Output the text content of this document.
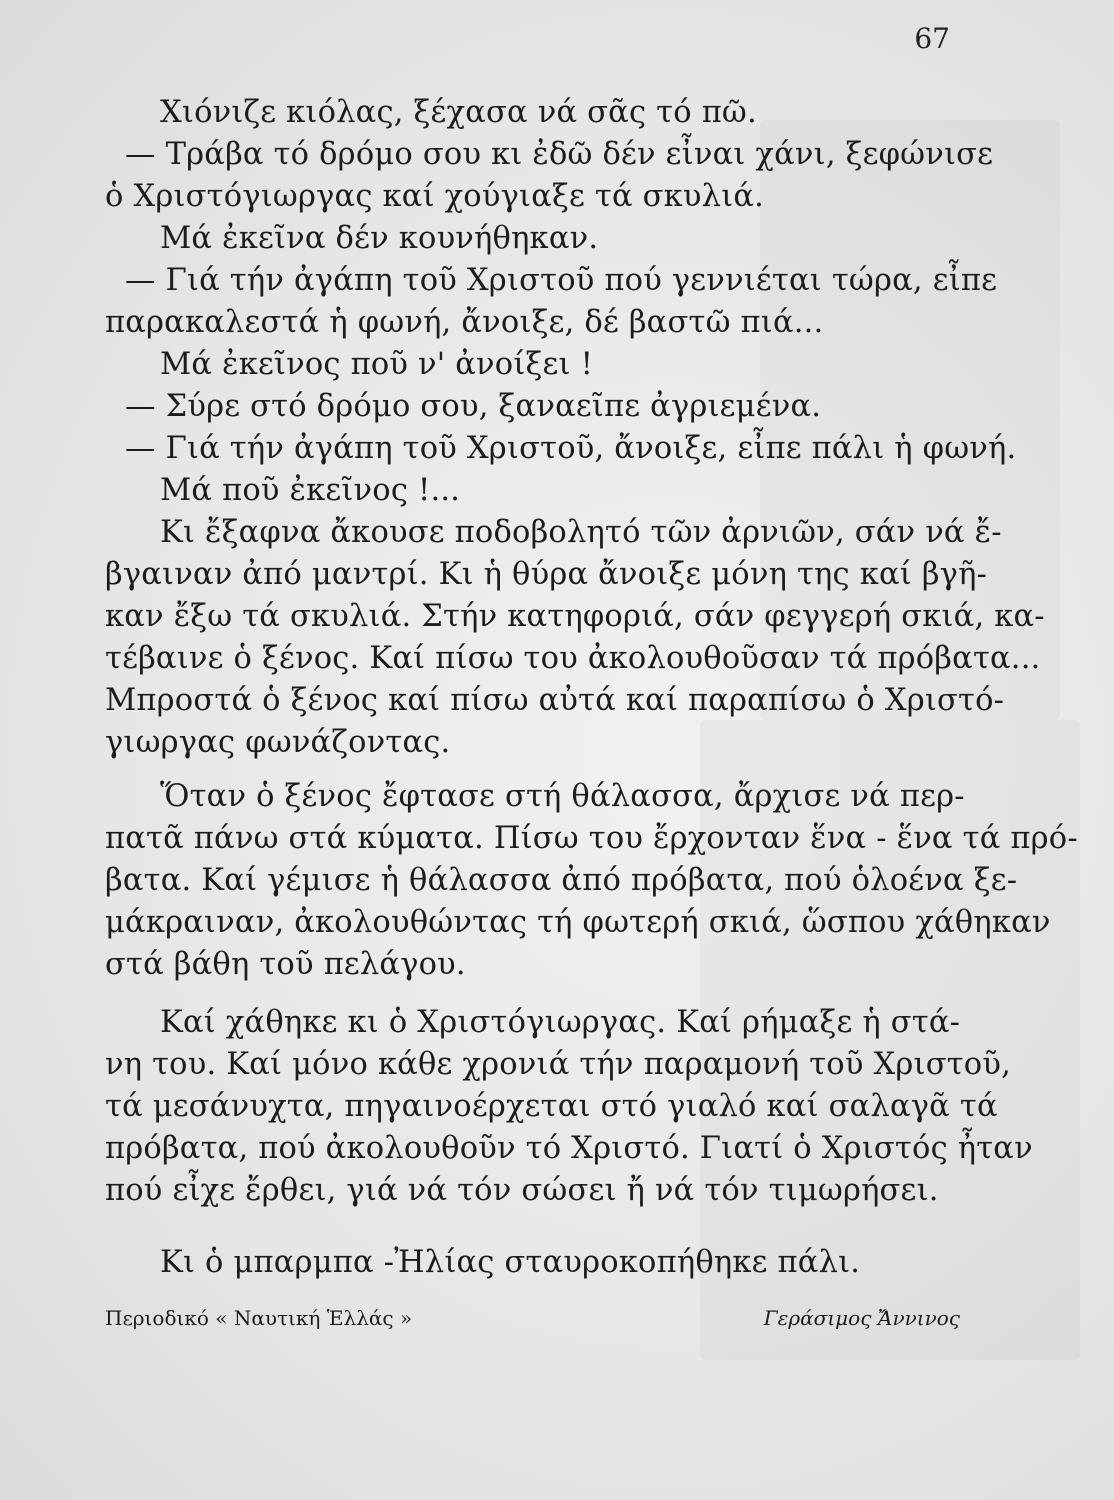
67
Χιόνιζε κιόλας, ξέχασα νά σᾶς τό πῶ.
— Τράβα τό δρόμο σου κι ἐδῶ δέν εἶναι χάνι, ξεφώνισε
ὁ Χριστόγιωργας καί χούγιαξε τά σκυλιά.
Μά ἐκεῖνα δέν κουνήθηκαν.
— Γιά τήν ἀγάπη τοῦ Χριστοῦ πού γεννιέται τώρα, εἶπε
παρακαλεστά ἡ φωνή, ἄνοιξε, δέ βαστῶ πιά...
Μά ἐκεῖνος ποῦ ν' ἀνοίξει !
— Σύρε στό δρόμο σου, ξαναεῖπε ἀγριεμένα.
— Γιά τήν ἀγάπη τοῦ Χριστοῦ, ἄνοιξε, εἶπε πάλι ἡ φωνή.
Μά ποῦ ἐκεῖνος !...
Κι ἔξαφνα ἄκουσε ποδοβολητό τῶν ἀρνιῶν, σάν νά ἔ-
βγαιναν ἀπό μαντρί. Κι ἡ θύρα ἄνοιξε μόνη της καί βγῆ-
καν ἔξω τά σκυλιά. Στήν κατηφοριά, σάν φεγγερή σκιά, κα-
τέβαινε ὁ ξένος. Καί πίσω του ἀκολουθοῦσαν τά πρόβατα...
Μπροστά ὁ ξένος καί πίσω αὐτά καί παραπίσω ὁ Χριστό-
γιωργας φωνάζοντας.
Ὅταν ὁ ξένος ἔφτασε στή θάλασσα, ἄρχισε νά περ-
πατᾶ πάνω στά κύματα. Πίσω του ἔρχονταν ἕνα - ἕνα τά πρό-
βατα. Καί γέμισε ἡ θάλασσα ἀπό πρόβατα, πού ὁλοένα ξε-
μάκραιναν, ἀκολουθώντας τή φωτερή σκιά, ὥσπου χάθηκαν
στά βάθη τοῦ πελάγου.
Καί χάθηκε κι ὁ Χριστόγιωργας. Καί ρήμαξε ἡ στά-
νη του. Καί μόνο κάθε χρονιά τήν παραμονή τοῦ Χριστοῦ,
τά μεσάνυχτα, πηγαινοέρχεται στό γιαλό καί σαλαγᾶ τά
πρόβατα, πού ἀκολουθοῦν τό Χριστό. Γιατί ὁ Χριστός ἦταν
πού εἶχε ἔρθει, γιά νά τόν σώσει ἤ νά τόν τιμωρήσει.
Κι ὁ μπαρμπα -Ἠλίας σταυροκοπήθηκε πάλι.
Περιοδικό « Ναυτική Ἑλλάς »	Γεράσιμος Ἄννινος
